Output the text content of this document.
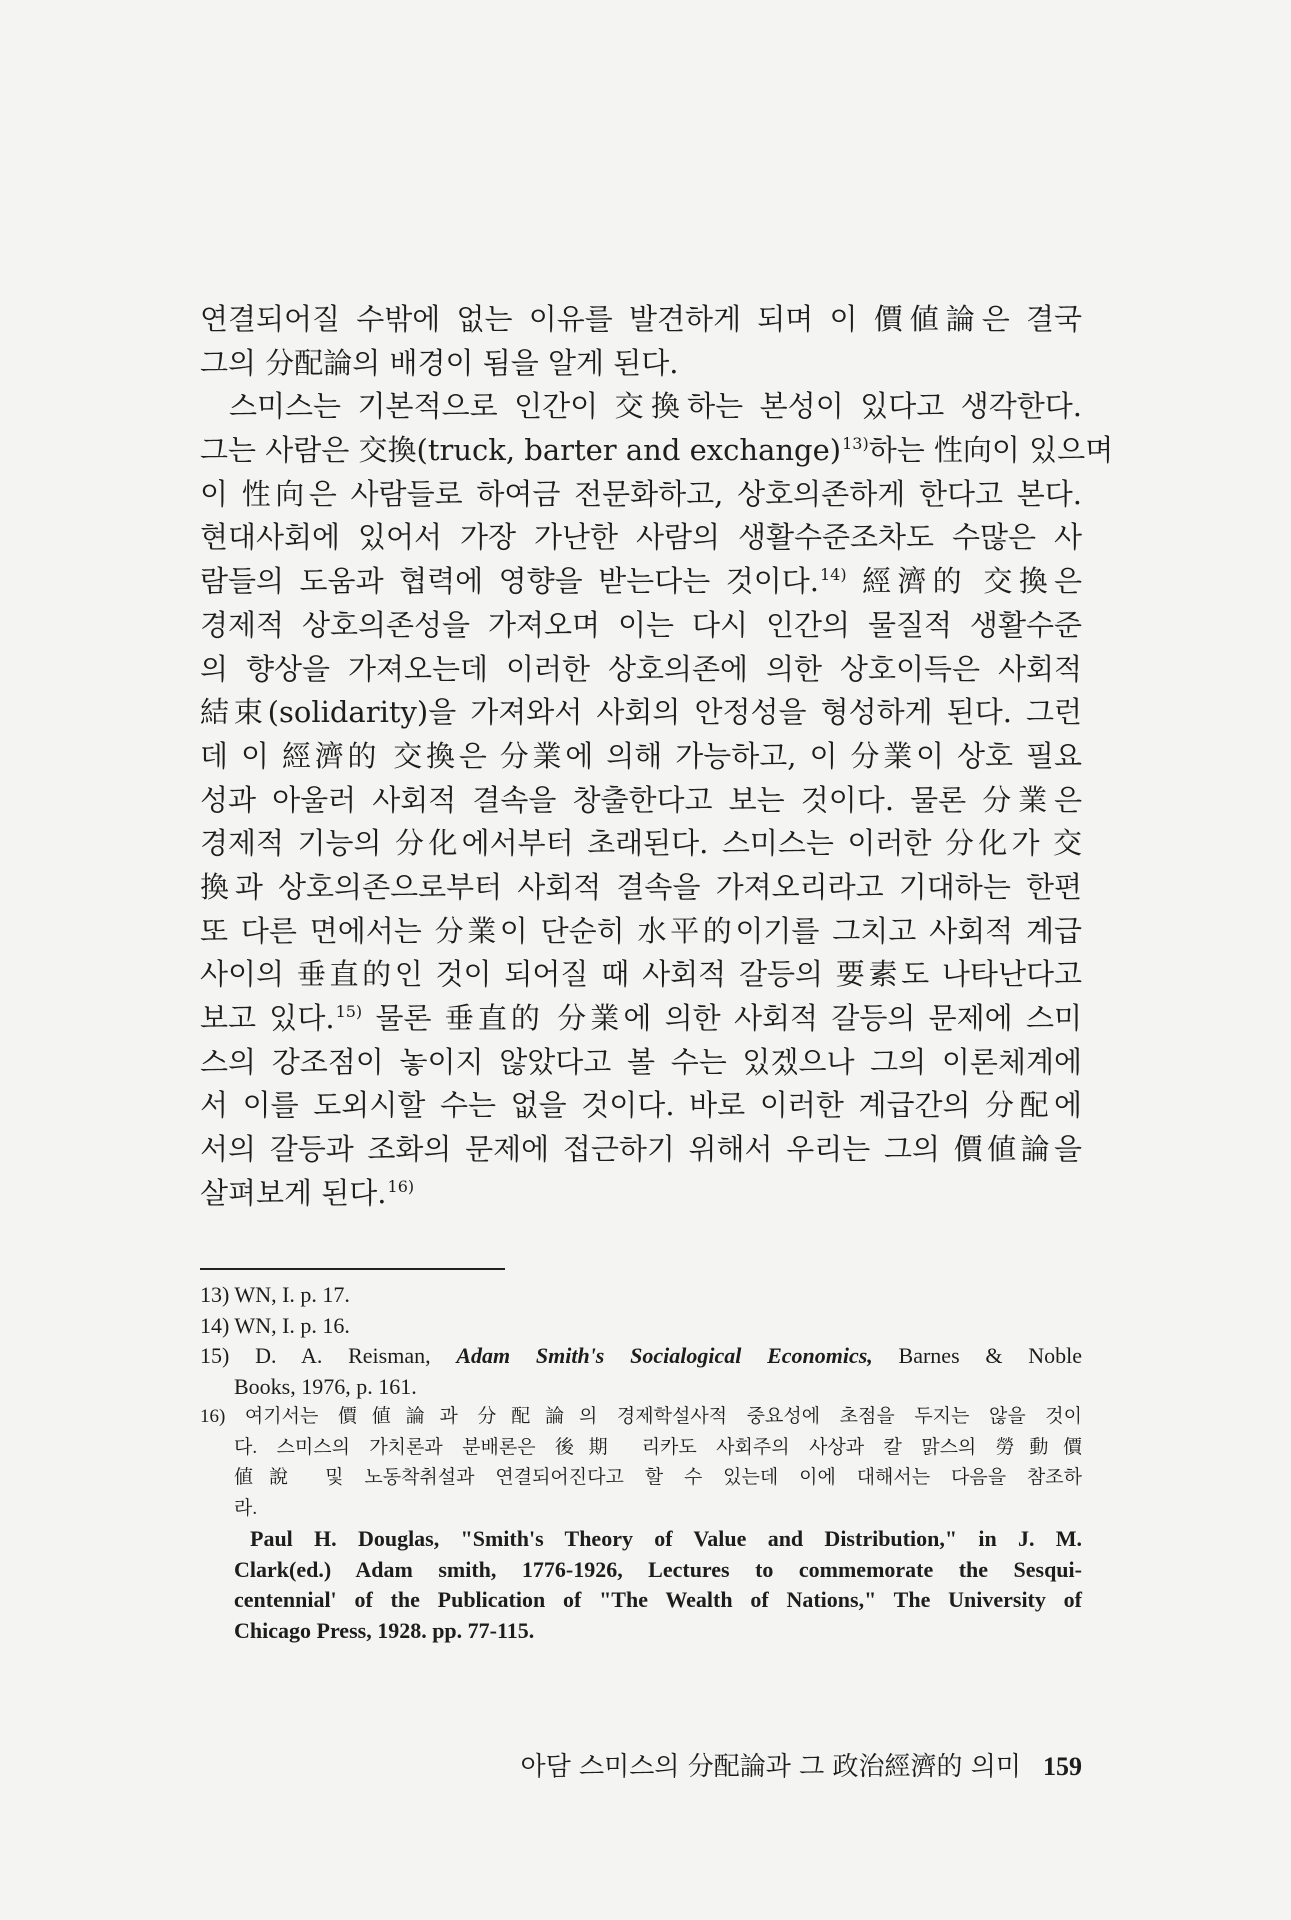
연결되어질 수밖에 없는 이유를 발견하게 되며 이 價値論은 결국
그의 分配論의 배경이 됨을 알게 된다.
스미스는 기본적으로 인간이 交換하는 본성이 있다고 생각한다.
그는 사람은 交換(truck, barter and exchange)$^{13)}$하는 性向이 있으며
이 性向은 사람들로 하여금 전문화하고, 상호의존하게 한다고 본다.
현대사회에 있어서 가장 가난한 사람의 생활수준조차도 수많은 사
람들의 도움과 협력에 영향을 받는다는 것이다.$^{14)}$ 經濟的 交換은
경제적 상호의존성을 가져오며 이는 다시 인간의 물질적 생활수준
의 향상을 가져오는데 이러한 상호의존에 의한 상호이득은 사회적
結束(solidarity)을 가져와서 사회의 안정성을 형성하게 된다. 그런
데 이 經濟的 交換은 分業에 의해 가능하고, 이 分業이 상호 필요
성과 아울러 사회적 결속을 창출한다고 보는 것이다. 물론 分業은
경제적 기능의 分化에서부터 초래된다. 스미스는 이러한 分化가 交
換과 상호의존으로부터 사회적 결속을 가져오리라고 기대하는 한편
또 다른 면에서는 分業이 단순히 水平的이기를 그치고 사회적 계급
사이의 垂直的인 것이 되어질 때 사회적 갈등의 要素도 나타난다고
보고 있다.$^{15)}$ 물론 垂直的 分業에 의한 사회적 갈등의 문제에 스미
스의 강조점이 놓이지 않았다고 볼 수는 있겠으나 그의 이론체계에
서 이를 도외시할 수는 없을 것이다. 바로 이러한 계급간의 分配에
서의 갈등과 조화의 문제에 접근하기 위해서 우리는 그의 價値論을
살펴보게 된다.$^{16)}$
13) WN, I. p. 17.
14) WN, I. p. 16.
15) D. A. Reisman, Adam Smith's Socialogical Economics, Barnes & Noble
Books, 1976, p. 161.
16) 여기서는 價値論과 分配論의 경제학설사적 중요성에 초점을 두지는 않을 것이
다. 스미스의 가치론과 분배론은 後期 리카도 사회주의 사상과 칼 맑스의 勞動價
値說 및 노동착취설과 연결되어진다고 할 수 있는데 이에 대해서는 다음을 참조하
라.
Paul H. Douglas, "Smith's Theory of Value and Distribution," in J. M.
Clark(ed.) Adam smith, 1776-1926, Lectures to commemorate the Sesqui-
centennial' of the Publication of "The Wealth of Nations," The University of
Chicago Press, 1928. pp. 77-115.
아담 스미스의 分配論과 그 政治經濟的 의미 159
